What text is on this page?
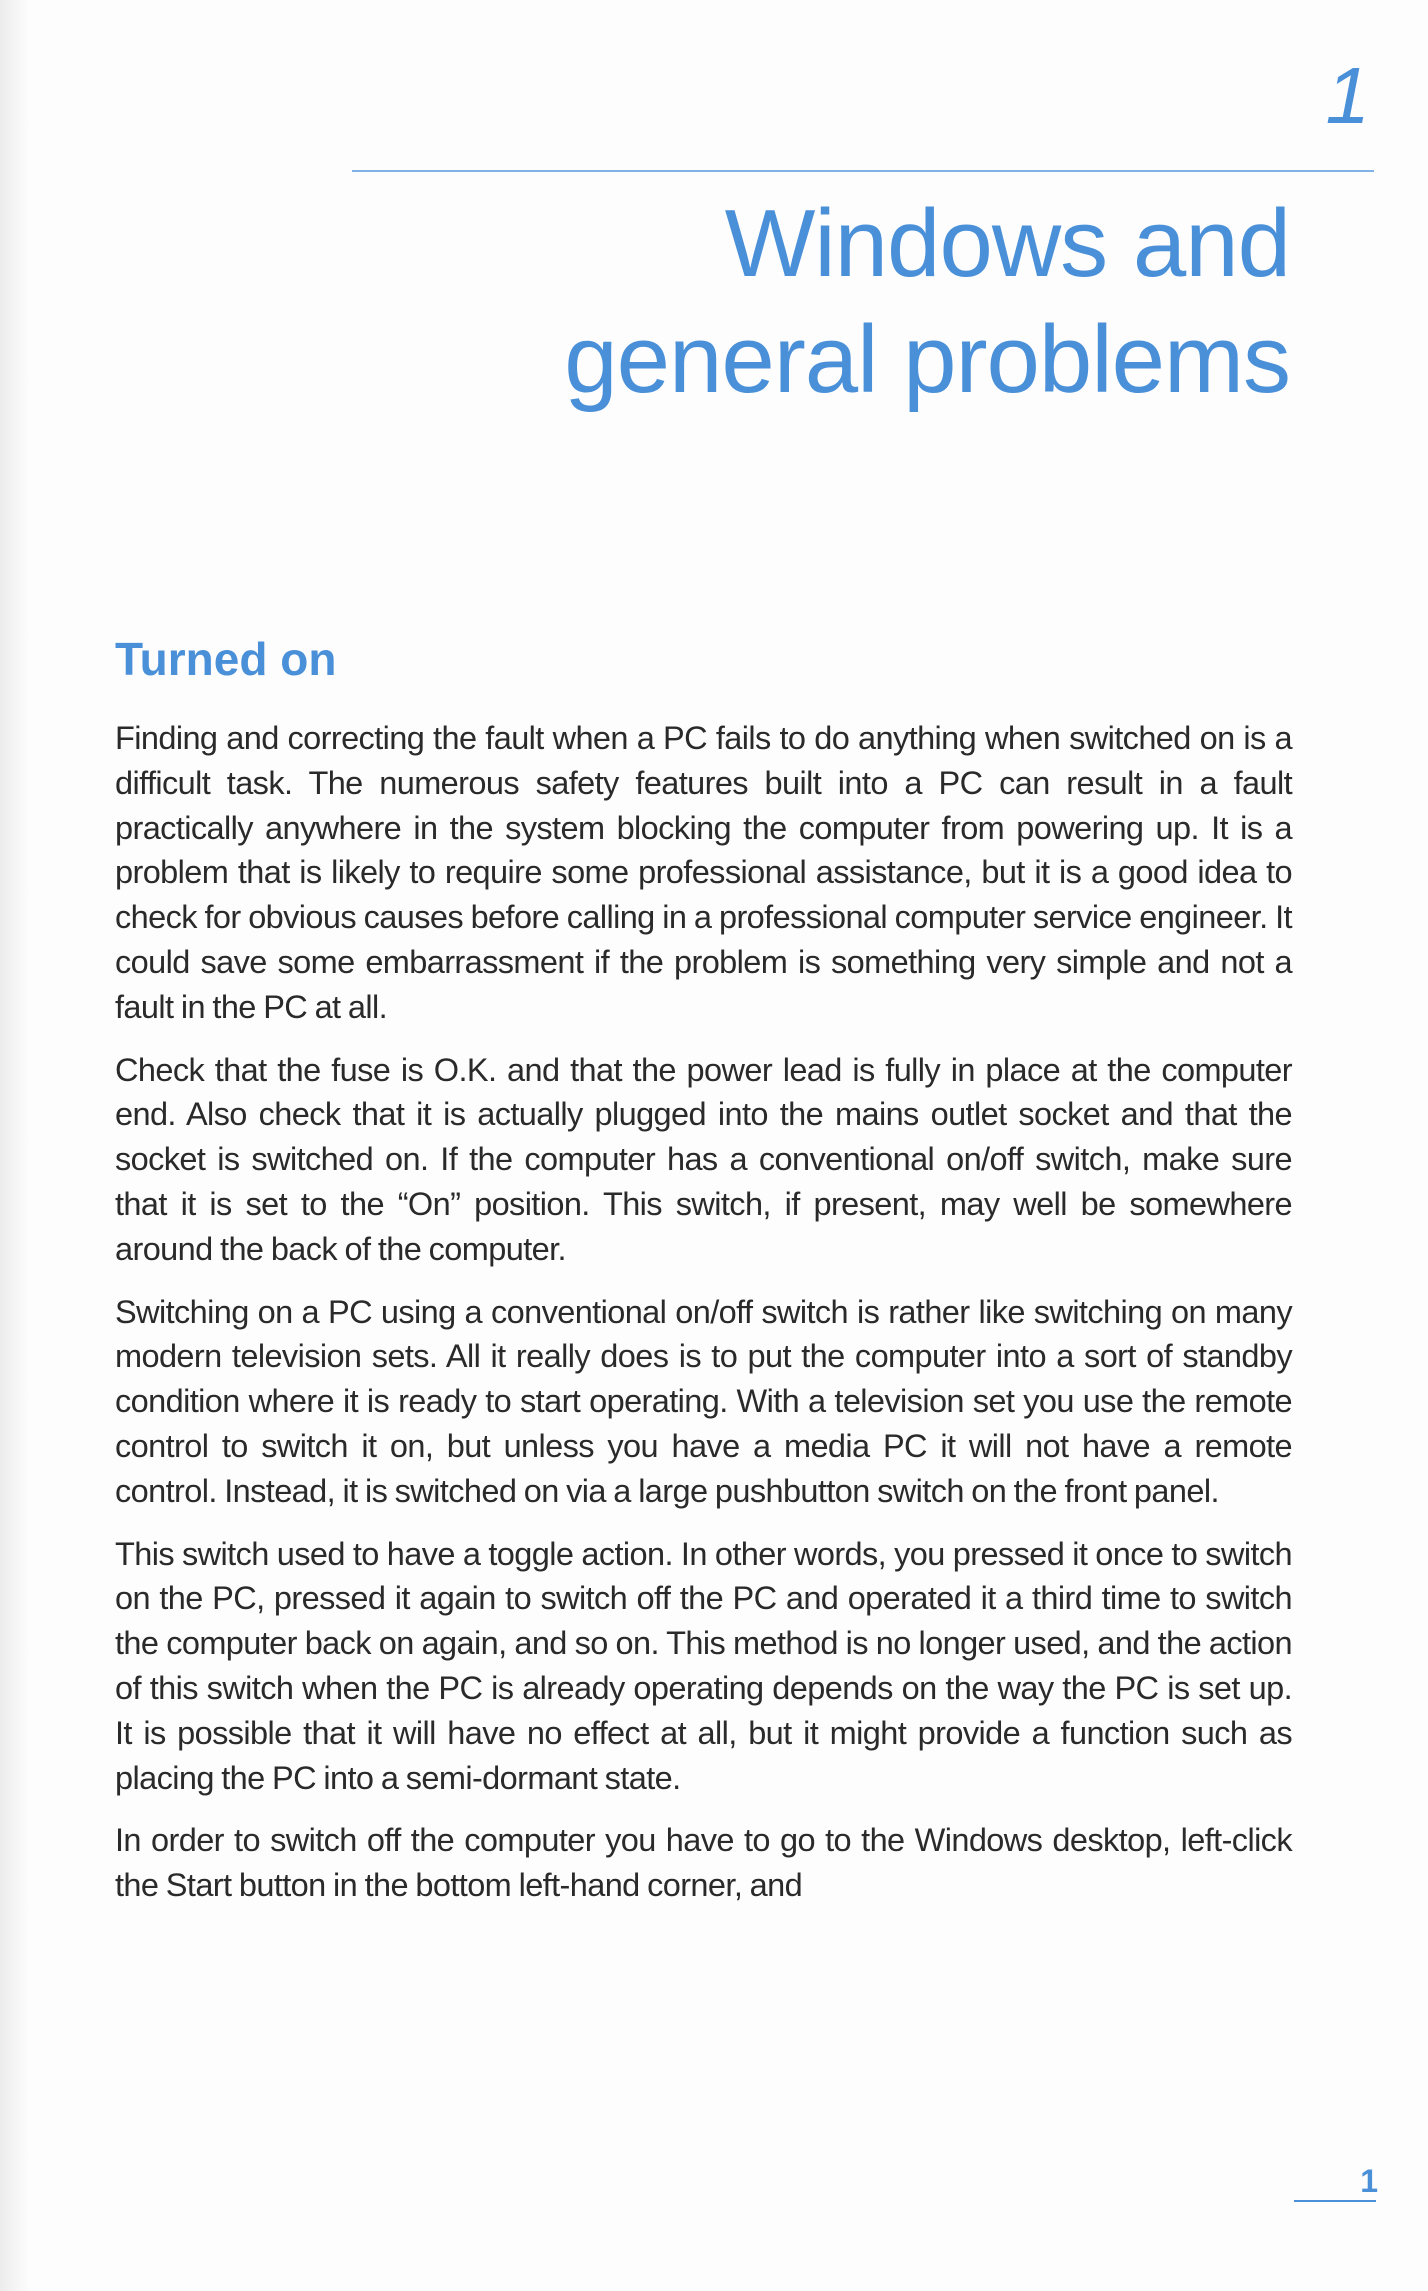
1
Windows and
general problems
Turned on

Finding and correcting the fault when a PC fails to do anything when switched on is a difficult task. The numerous safety features built into a PC can result in a fault practically anywhere in the system blocking the computer from powering up. It is a problem that is likely to require some professional assistance, but it is a good idea to check for obvious causes before calling in a professional computer service engineer. It could save some embarrassment if the problem is something very simple and not a fault in the PC at all.

Check that the fuse is O.K. and that the power lead is fully in place at the computer end. Also check that it is actually plugged into the mains outlet socket and that the socket is switched on. If the computer has a conventional on/off switch, make sure that it is set to the “On” position. This switch, if present, may well be somewhere around the back of the computer.

Switching on a PC using a conventional on/off switch is rather like switching on many modern television sets. All it really does is to put the computer into a sort of standby condition where it is ready to start operating. With a television set you use the remote control to switch it on, but unless you have a media PC it will not have a remote control. Instead, it is switched on via a large pushbutton switch on the front panel.

This switch used to have a toggle action. In other words, you pressed it once to switch on the PC, pressed it again to switch off the PC and operated it a third time to switch the computer back on again, and so on. This method is no longer used, and the action of this switch when the PC is already operating depends on the way the PC is set up. It is possible that it will have no effect at all, but it might provide a function such as placing the PC into a semi-dormant state.

In order to switch off the computer you have to go to the Windows desktop, left-click the Start button in the bottom left-hand corner, and

1
